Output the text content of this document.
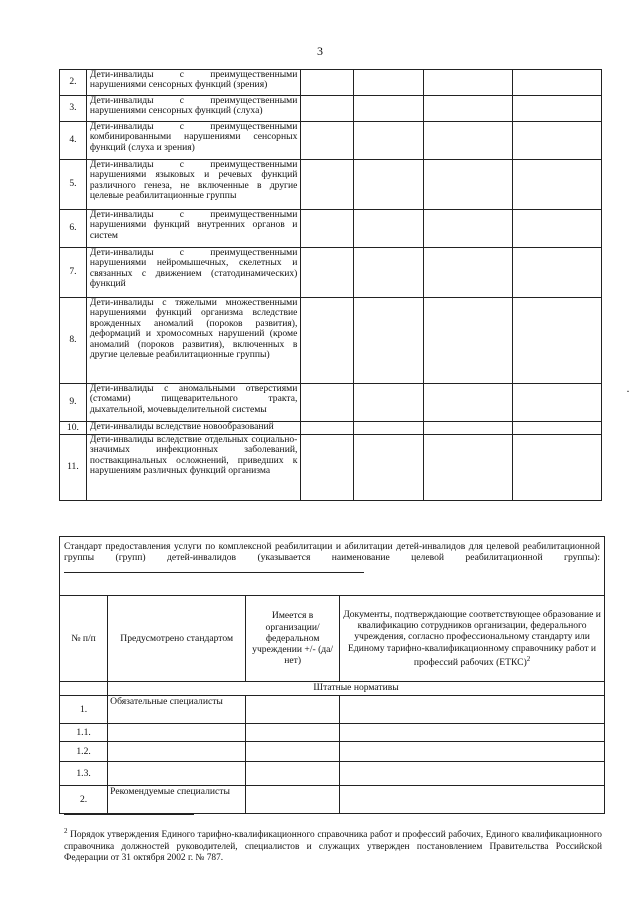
3
2.	Дети-инвалиды с преимущественными нарушениями сенсорных функций (зрения)				
3.	Дети-инвалиды с преимущественными нарушениями сенсорных функций (слуха)				
4.	Дети-инвалиды с преимущественными комбинированными нарушениями сенсорных функций (слуха и зрения)				
5.	Дети-инвалиды с преимущественными нарушениями языковых и речевых функций различного генеза, не включенные в другие целевые реабилитационные группы				
6.	Дети-инвалиды с преимущественными нарушениями функций внутренних органов и систем				
7.	Дети-инвалиды с преимущественными нарушениями нейромышечных, скелетных и связанных с движением (статодинамических) функций				
8.	Дети-инвалиды с тяжелыми множественными нарушениями функций организма вследствие врожденных аномалий (пороков развития), деформаций и хромосомных нарушений (кроме аномалий (пороков развития), включенных в другие целевые реабилитационные группы)				
9.	Дети-инвалиды с аномальными отверстиями (стомами) пищеварительного тракта, дыхательной, мочевыделительной системы				
10.	Дети-инвалиды вследствие новообразований				
11.	Дети-инвалиды вследствие отдельных социально-значимых инфекционных заболеваний, поствакцинальных осложнений, приведших к нарушениям различных функций организма				
Стандарт предоставления услуги по комплексной реабилитации и абилитации детей-инвалидов для целевой реабилитационной группы (групп) детей-инвалидов (указывается наименование целевой реабилитационной группы):			
№ п/п	Предусмотрено стандартом	Имеется в организации/ федеральном учреждении +/- (да/нет)	Документы, подтверждающие соответствующее образование и квалификацию сотрудников организации, федерального учреждения, согласно профессиональному стандарту или Единому тарифно-квалификационному справочнику работ и профессий рабочих (ЕТКС)$^2$
	Штатные нормативы		
1.	Обязательные специалисты		
1.1.			
1.2.			
1.3.			
2.	Рекомендуемые специалисты		
$^2$ Порядок утверждения Единого тарифно-квалификационного справочника работ и профессий рабочих, Единого квалификационного справочника должностей руководителей, специалистов и служащих утвержден постановлением Правительства Российской Федерации от 31 октября 2002 г. № 787.
·
